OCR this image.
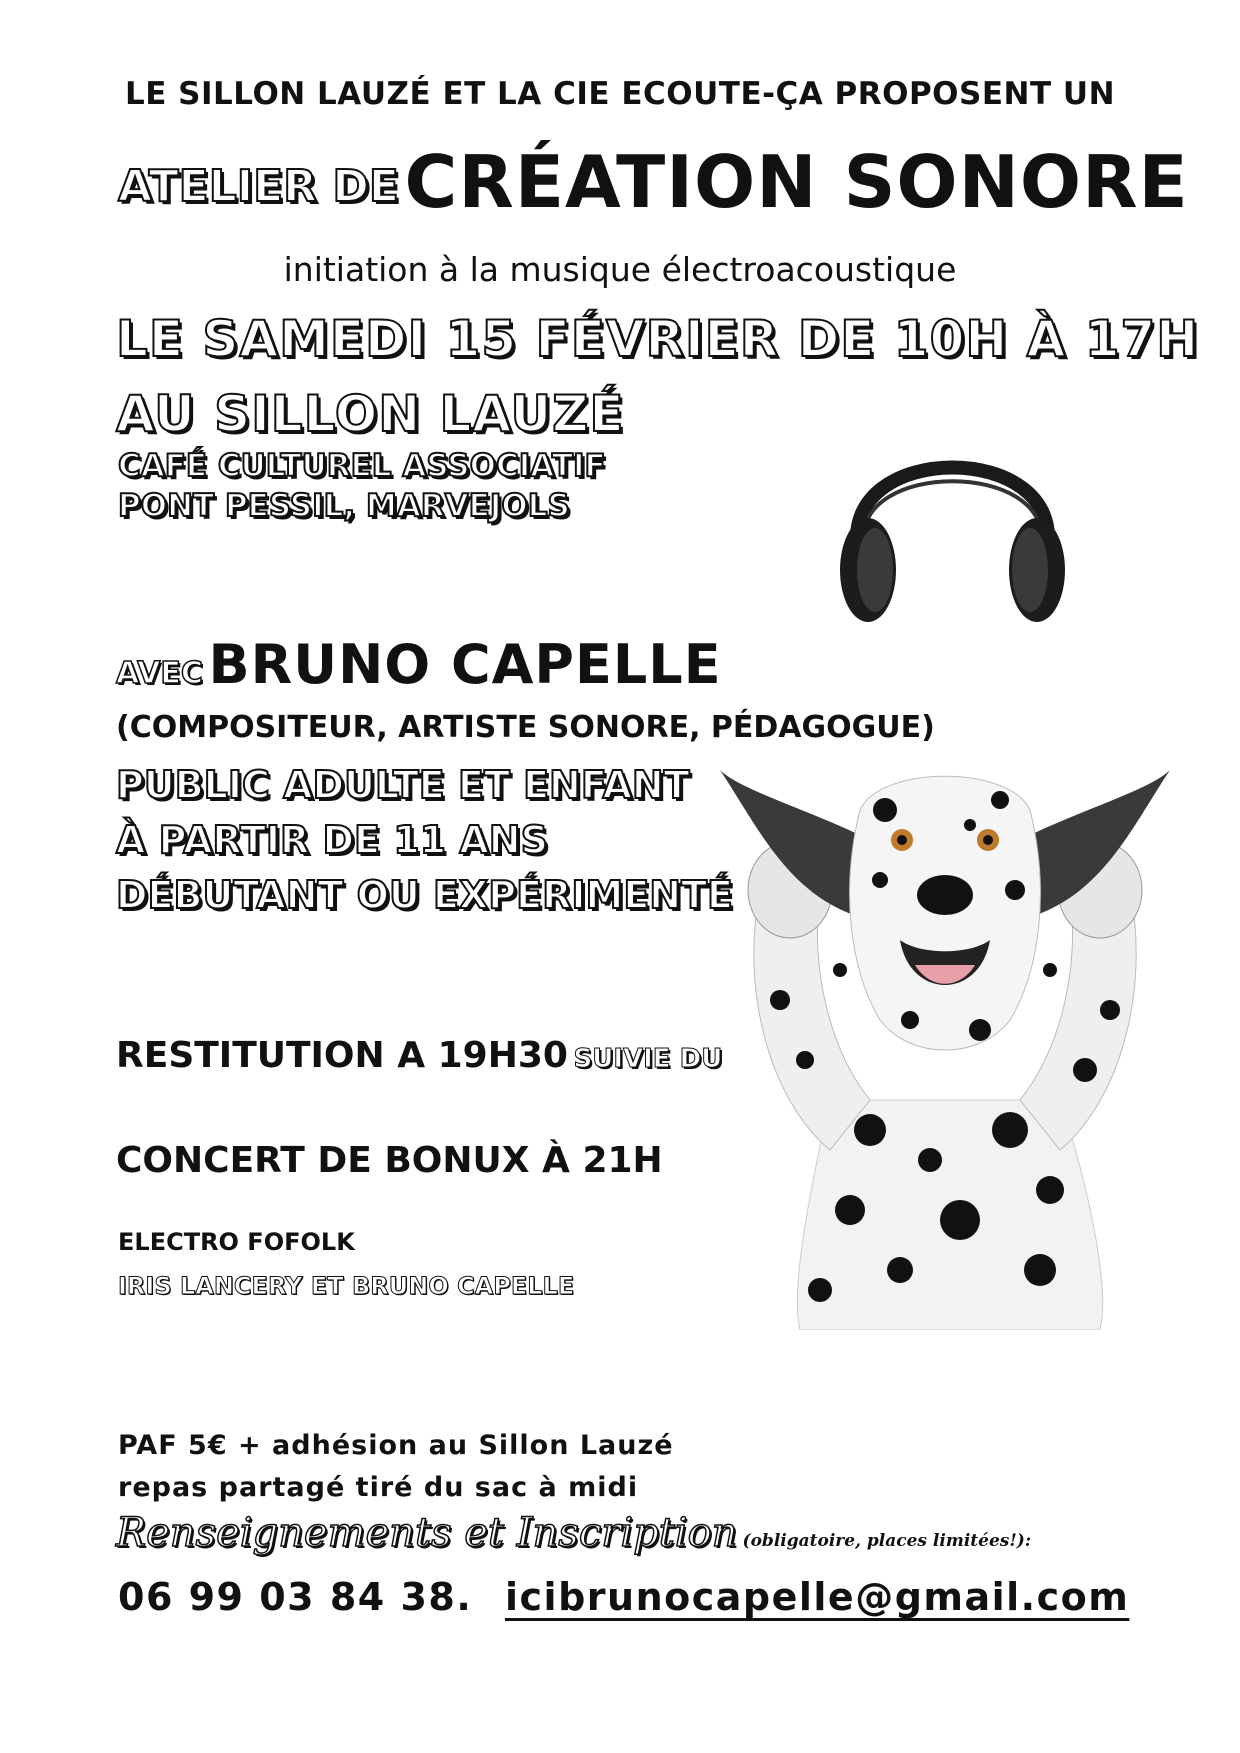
LE SILLON LAUZÉ ET LA CIE ECOUTE-ÇA PROPOSENT UN
ATELIER DE CRÉATION SONORE
initiation à la musique électroacoustique
LE SAMEDI 15 FÉVRIER DE 10H À 17H
AU SILLON LAUZÉ
CAFÉ CULTUREL ASSOCIATIF
PONT PESSIL, MARVEJOLS
AVEC BRUNO CAPELLE
(COMPOSITEUR, ARTISTE SONORE, PÉDAGOGUE)
PUBLIC ADULTE ET ENFANT
À PARTIR DE 11 ANS
DÉBUTANT OU EXPÉRIMENTÉ
RESTITUTION A 19H30 SUIVIE DU
CONCERT DE BONUX À 21H
ELECTRO FOFOLK
IRIS LANCERY ET BRUNO CAPELLE
PAF 5€ + adhésion au Sillon Lauzé
repas partagé tiré du sac à midi
Renseignements et Inscription (obligatoire, places limitées!):
06 99 03 84 38. icibrunocapelle@gmail.com
